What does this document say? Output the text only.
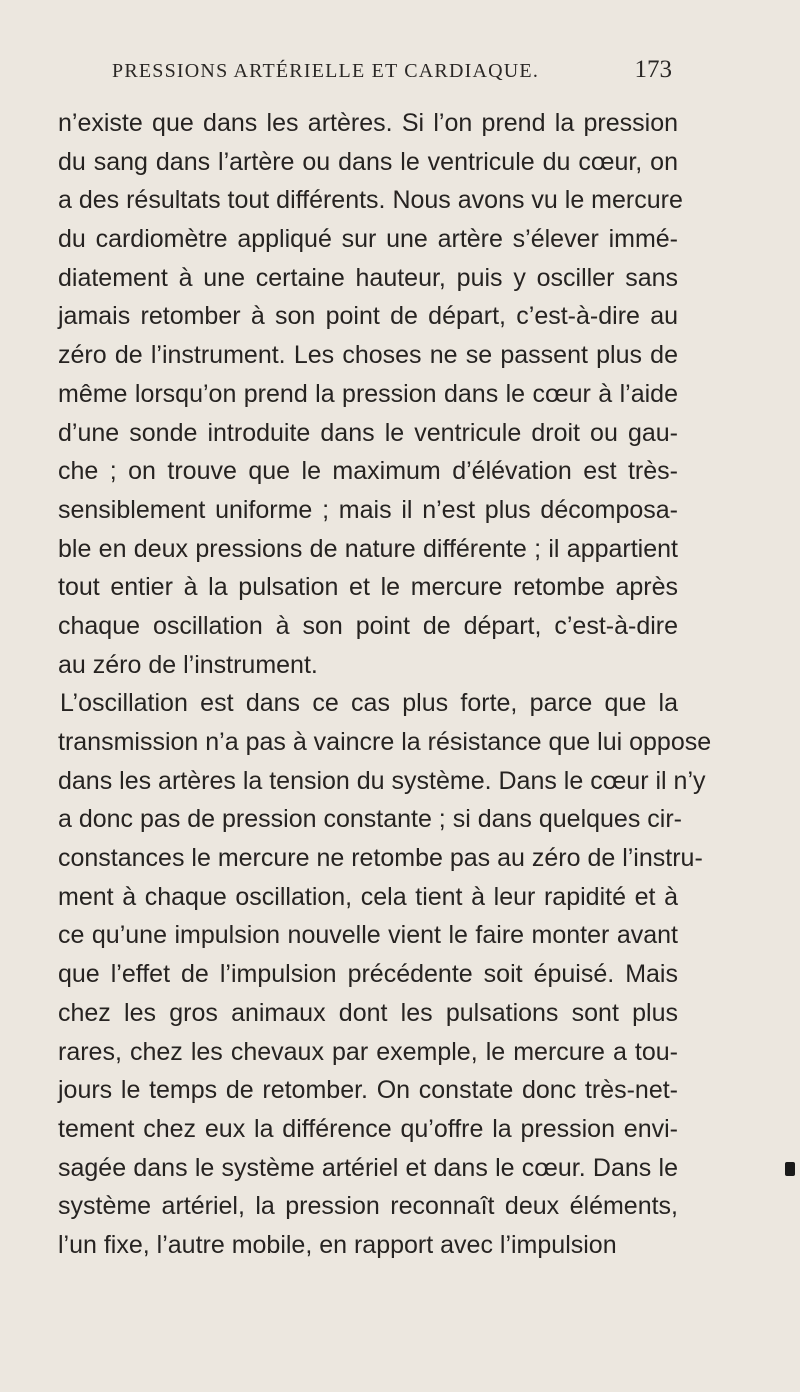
PRESSIONS ARTÉRIELLE ET CARDIAQUE.	173
n’existe que dans les artères. Si l’on prend la pression
du sang dans l’artère ou dans le ventricule du cœur, on
a des résultats tout différents. Nous avons vu le mercure
du cardiomètre appliqué sur une artère s’élever immé-
diatement à une certaine hauteur, puis y osciller sans
jamais retomber à son point de départ, c’est-à-dire au
zéro de l’instrument. Les choses ne se passent plus de
même lorsqu’on prend la pression dans le cœur à l’aide
d’une sonde introduite dans le ventricule droit ou gau-
che ; on trouve que le maximum d’élévation est très-
sensiblement uniforme ; mais il n’est plus décomposa-
ble en deux pressions de nature différente ; il appartient
tout entier à la pulsation et le mercure retombe après
chaque oscillation à son point de départ, c’est-à-dire
au zéro de l’instrument.
L’oscillation est dans ce cas plus forte, parce que la
transmission n’a pas à vaincre la résistance que lui oppose
dans les artères la tension du système. Dans le cœur il n’y
a donc pas de pression constante ; si dans quelques cir-
constances le mercure ne retombe pas au zéro de l’instru-
ment à chaque oscillation, cela tient à leur rapidité et à
ce qu’une impulsion nouvelle vient le faire monter avant
que l’effet de l’impulsion précédente soit épuisé. Mais
chez les gros animaux dont les pulsations sont plus
rares, chez les chevaux par exemple, le mercure a tou-
jours le temps de retomber. On constate donc très-net-
tement chez eux la différence qu’offre la pression envi-
sagée dans le système artériel et dans le cœur. Dans le
système artériel, la pression reconnaît deux éléments,
l’un fixe, l’autre mobile, en rapport avec l’impulsion
